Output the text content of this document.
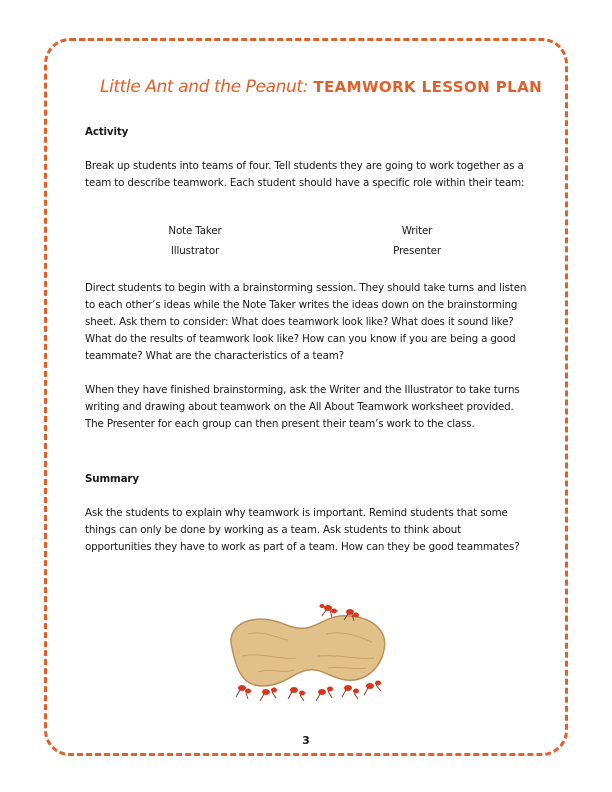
Little Ant and the Peanut: TEAMWORK LESSON PLAN

Activity

Break up students into teams of four. Tell students they are going to work together as a team to describe teamwork. Each student should have a specific role within their team:

Note Taker	Writer
Illustrator	Presenter

Direct students to begin with a brainstorming session. They should take turns and listen to each other’s ideas while the Note Taker writes the ideas down on the brainstorming sheet. Ask them to consider: What does teamwork look like? What does it sound like? What do the results of teamwork look like? How can you know if you are being a good teammate? What are the characteristics of a team?

When they have finished brainstorming, ask the Writer and the Illustrator to take turns writing and drawing about teamwork on the All About Teamwork worksheet provided. The Presenter for each group can then present their team’s work to the class.

Summary

Ask the students to explain why teamwork is important. Remind students that some things can only be done by working as a team. Ask students to think about opportunities they have to work as part of a team. How can they be good teammates?

3
